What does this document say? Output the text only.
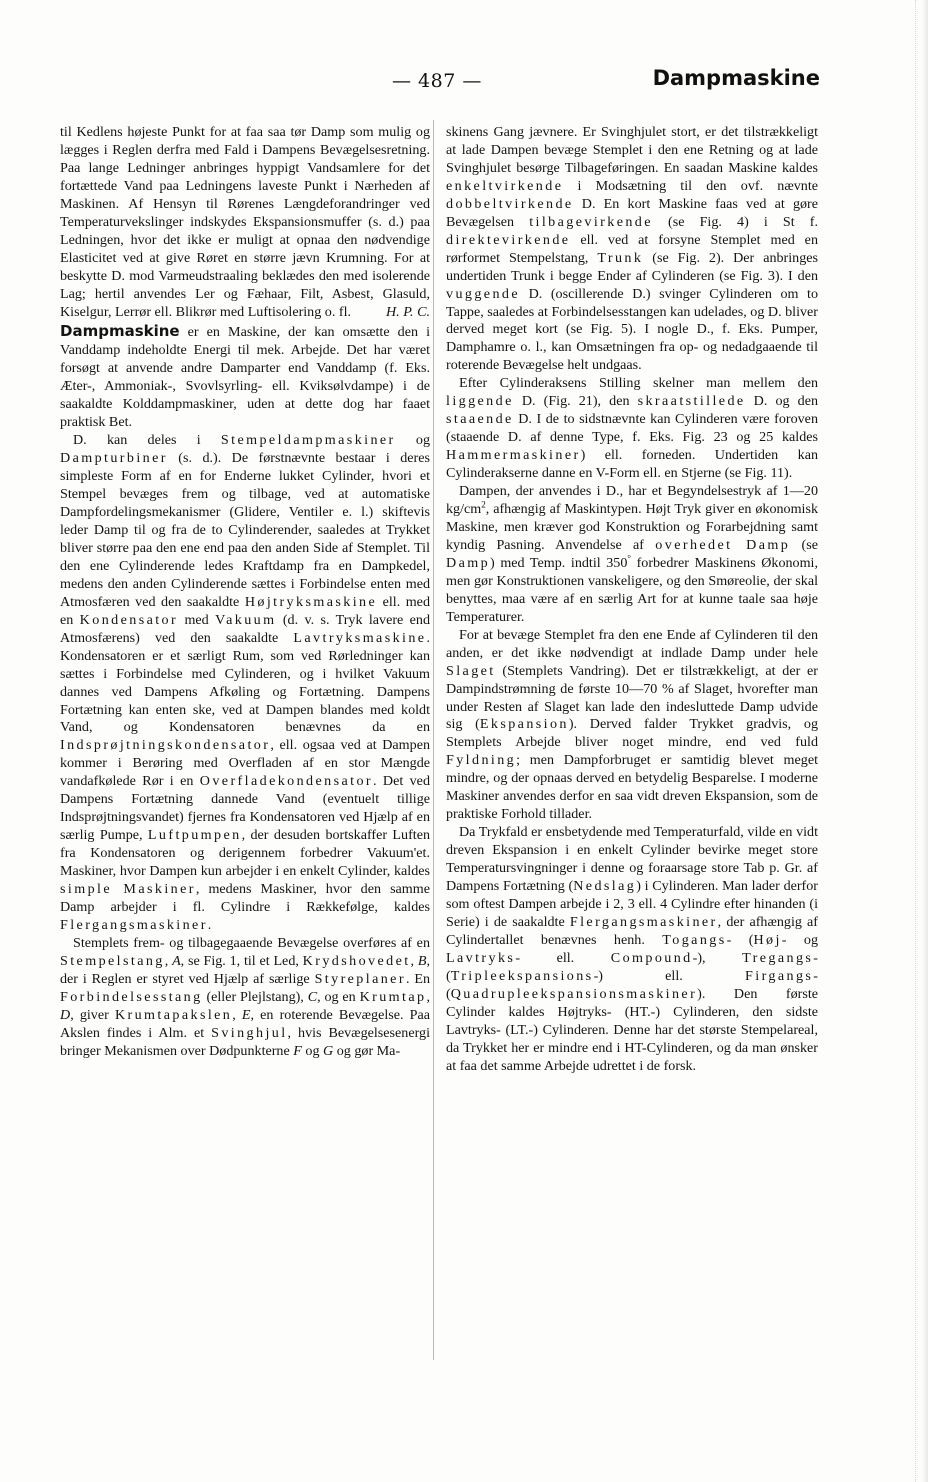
— 487 —	Dampmaskine

til Kedlens højeste Punkt for at faa saa tør Damp som mulig og lægges i Reglen derfra med Fald i Dampens Bevægelsesretning. Paa lange Ledninger anbringes hyppigt Vandsamlere for det fortættede Vand paa Ledningens laveste Punkt i Nærheden af Maskinen. Af Hensyn til Rørenes Længdeforandringer ved Temperaturvekslinger indskydes Ekspansionsmuffer (s. d.) paa Ledningen, hvor det ikke er muligt at opnaa den nødvendige Elasticitet ved at give Røret en større jævn Krumning. For at beskytte D. mod Varmeudstraaling beklædes den med isolerende Lag; hertil anvendes Ler og Fæhaar, Filt, Asbest, Glasuld, Kiselgur, Lerrør ell. Blikrør med Luftisolering o. fl. H. P. C.

Dampmaskine er en Maskine, der kan omsætte den i Vanddamp indeholdte Energi til mek. Arbejde. Det har været forsøgt at anvende andre Damparter end Vanddamp (f. Eks. Æter-, Ammoniak-, Svovlsyrling- ell. Kviksølvdampe) i de saakaldte Kolddampmaskiner, uden at dette dog har faaet praktisk Bet.

D. kan deles i Stempeldampmaskiner og Dampturbiner (s. d.). De førstnævnte bestaar i deres simpleste Form af en for Enderne lukket Cylinder, hvori et Stempel bevæges frem og tilbage, ved at automatiske Dampfordelingsmekanismer (Glidere, Ventiler e. l.) skiftevis leder Damp til og fra de to Cylinderender, saaledes at Trykket bliver større paa den ene end paa den anden Side af Stemplet. Til den ene Cylinderende ledes Kraftdamp fra en Dampkedel, medens den anden Cylinderende sættes i Forbindelse enten med Atmosfæren ved den saakaldte Højtryksmaskine ell. med en Kondensator med Vakuum (d. v. s. Tryk lavere end Atmosfærens) ved den saakaldte Lavtryksmaskine. Kondensatoren er et særligt Rum, som ved Rørledninger kan sættes i Forbindelse med Cylinderen, og i hvilket Vakuum dannes ved Dampens Afkøling og Fortætning. Dampens Fortætning kan enten ske, ved at Dampen blandes med koldt Vand, og Kondensatoren benævnes da en Indsprøjtningskondensator, ell. ogsaa ved at Dampen kommer i Berøring med Overfladen af en stor Mængde vandafkølede Rør i en Overfladekondensator. Det ved Dampens Fortætning dannede Vand (eventuelt tillige Indsprøjtningsvandet) fjernes fra Kondensatoren ved Hjælp af en særlig Pumpe, Luftpumpen, der desuden bortskaffer Luften fra Kondensatoren og derigennem forbedrer Vakuum'et. Maskiner, hvor Dampen kun arbejder i en enkelt Cylinder, kaldes simple Maskiner, medens Maskiner, hvor den samme Damp arbejder i fl. Cylindre i Rækkefølge, kaldes Flergangsmaskiner.

Stemplets frem- og tilbagegaaende Bevægelse overføres af en Stempelstang, A, se Fig. 1, til et Led, Krydshovedet, B, der i Reglen er styret ved Hjælp af særlige Styreplaner. En Forbindelsesstang (eller Plejlstang), C, og en Krumtap, D, giver Krumtapakslen, E, en roterende Bevægelse. Paa Akslen findes i Alm. et Svinghjul, hvis Bevægelsesenergi bringer Mekanismen over Dødpunkterne F og G og gør Ma-

skinens Gang jævnere. Er Svinghjulet stort, er det tilstrækkeligt at lade Dampen bevæge Stemplet i den ene Retning og at lade Svinghjulet besørge Tilbageføringen. En saadan Maskine kaldes enkeltvirkende i Modsætning til den ovf. nævnte dobbeltvirkende D. En kort Maskine faas ved at gøre Bevægelsen tilbagevirkende (se Fig. 4) i St f. direktevirkende ell. ved at forsyne Stemplet med en rørformet Stempelstang, Trunk (se Fig. 2). Der anbringes undertiden Trunk i begge Ender af Cylinderen (se Fig. 3). I den vuggende D. (oscillerende D.) svinger Cylinderen om to Tappe, saaledes at Forbindelsesstangen kan udelades, og D. bliver derved meget kort (se Fig. 5). I nogle D., f. Eks. Pumper, Damphamre o. l., kan Omsætningen fra op- og nedadgaaende til roterende Bevægelse helt undgaas.

Efter Cylinderaksens Stilling skelner man mellem den liggende D. (Fig. 21), den skraatstillede D. og den staaende D. I de to sidstnævnte kan Cylinderen være foroven (staaende D. af denne Type, f. Eks. Fig. 23 og 25 kaldes Hammermaskiner) ell. forneden. Undertiden kan Cylinderakserne danne en V-Form ell. en Stjerne (se Fig. 11).

Dampen, der anvendes i D., har et Begyndelsestryk af 1—20 $kg/cm^2$, afhængig af Maskintypen. Højt Tryk giver en økonomisk Maskine, men kræver god Konstruktion og Forarbejdning samt kyndig Pasning. Anvendelse af overhedet Damp (se Damp) med Temp. indtil 350° forbedrer Maskinens Økonomi, men gør Konstruktionen vanskeligere, og den Smøreolie, der skal benyttes, maa være af en særlig Art for at kunne taale saa høje Temperaturer.

For at bevæge Stemplet fra den ene Ende af Cylinderen til den anden, er det ikke nødvendigt at indlade Damp under hele Slaget (Stemplets Vandring). Det er tilstrækkeligt, at der er Dampindstrømning de første 10—70 % af Slaget, hvorefter man under Resten af Slaget kan lade den indesluttede Damp udvide sig (Ekspansion). Derved falder Trykket gradvis, og Stemplets Arbejde bliver noget mindre, end ved fuld Fyldning; men Dampforbruget er samtidig blevet meget mindre, og der opnaas derved en betydelig Besparelse. I moderne Maskiner anvendes derfor en saa vidt dreven Ekspansion, som de praktiske Forhold tillader.

Da Trykfald er ensbetydende med Temperaturfald, vilde en vidt dreven Ekspansion i en enkelt Cylinder bevirke meget store Temperatursvingninger i denne og foraarsage store Tab p. Gr. af Dampens Fortætning (Nedslag) i Cylinderen. Man lader derfor som oftest Dampen arbejde i 2, 3 ell. 4 Cylindre efter hinanden (i Serie) i de saakaldte Flergangsmaskiner, der afhængig af Cylindertallet benævnes henh. Togangs- (Høj- og Lavtryks- ell. Compound-), Tregangs- (Tripleekspansions-) ell. Firgangs- (Quadrupleekspansionsmaskiner). Den første Cylinder kaldes Højtryks- (HT.-) Cylinderen, den sidste Lavtryks- (LT.-) Cylinderen. Denne har det største Stempelareal, da Trykket her er mindre end i HT-Cylinderen, og da man ønsker at faa det samme Arbejde udrettet i de forsk.
